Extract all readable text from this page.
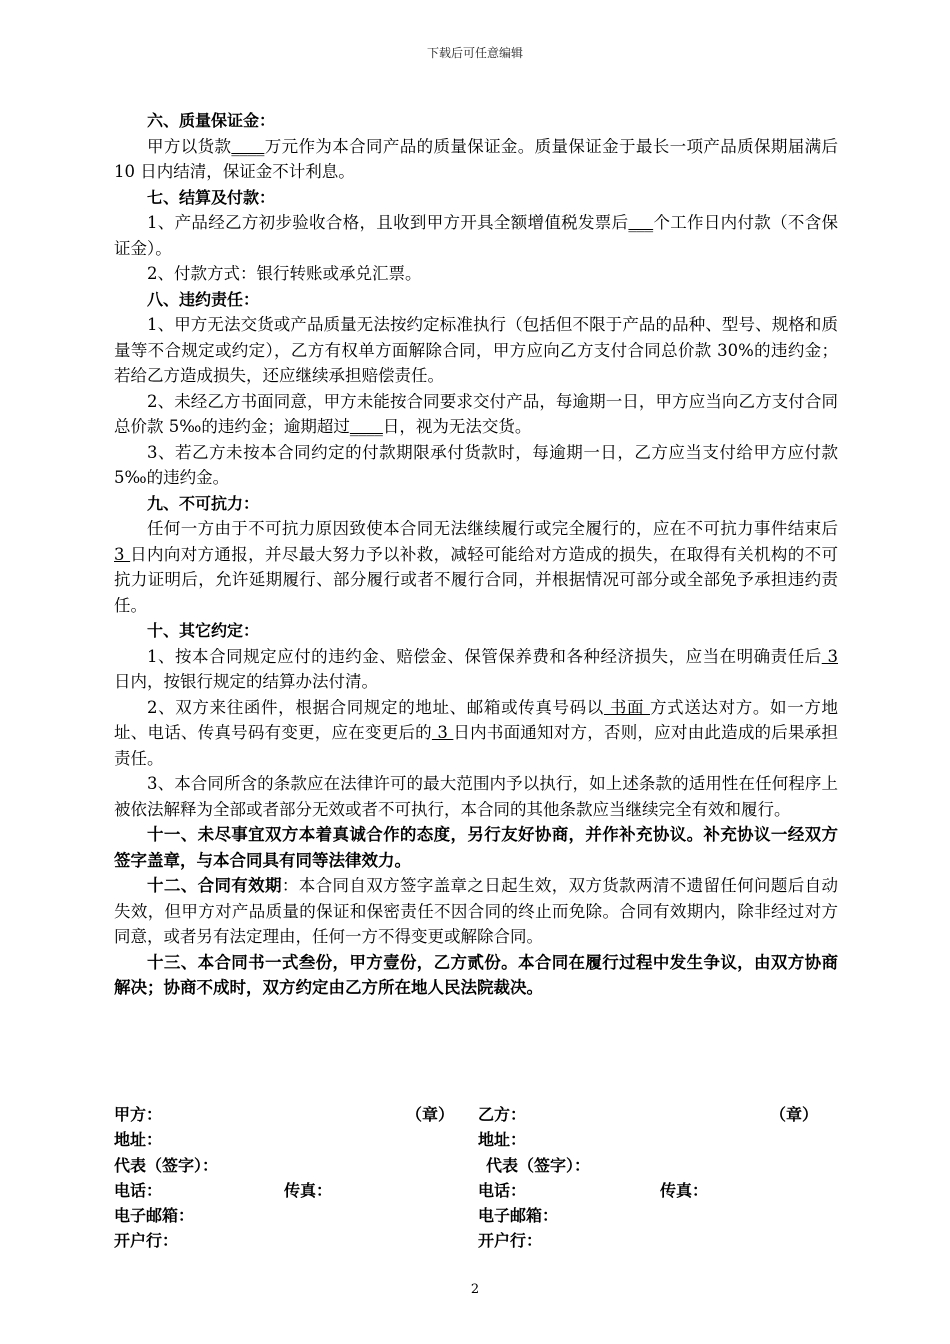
下载后可任意编辑

六、质量保证金：

甲方以货款____万元作为本合同产品的质量保证金。质量保证金于最长一项产品质保期届满后 10 日内结清，保证金不计利息。

七、结算及付款：

1、产品经乙方初步验收合格，且收到甲方开具全额增值税发票后___个工作日内付款（不含保证金）。

2、付款方式：银行转账或承兑汇票。

八、违约责任：

1、甲方无法交货或产品质量无法按约定标准执行（包括但不限于产品的品种、型号、规格和质量等不合规定或约定），乙方有权单方面解除合同，甲方应向乙方支付合同总价款 30%的违约金；若给乙方造成损失，还应继续承担赔偿责任。

2、未经乙方书面同意，甲方未能按合同要求交付产品，每逾期一日，甲方应当向乙方支付合同总价款 5‰的违约金；逾期超过____日，视为无法交货。

3、若乙方未按本合同约定的付款期限承付货款时，每逾期一日，乙方应当支付给甲方应付款 5‰的违约金。

九、不可抗力：

任何一方由于不可抗力原因致使本合同无法继续履行或完全履行的，应在不可抗力事件结束后 3 日内向对方通报，并尽最大努力予以补救，减轻可能给对方造成的损失，在取得有关机构的不可抗力证明后，允许延期履行、部分履行或者不履行合同，并根据情况可部分或全部免予承担违约责任。

十、其它约定：

1、按本合同规定应付的违约金、赔偿金、保管保养费和各种经济损失，应当在明确责任后 3 日内，按银行规定的结算办法付清。

2、双方来往函件，根据合同规定的地址、邮箱或传真号码以 书面 方式送达对方。如一方地址、电话、传真号码有变更，应在变更后的 3 日内书面通知对方，否则，应对由此造成的后果承担责任。

3、本合同所含的条款应在法律许可的最大范围内予以执行，如上述条款的适用性在任何程序上被依法解释为全部或者部分无效或者不可执行，本合同的其他条款应当继续完全有效和履行。

十一、未尽事宜双方本着真诚合作的态度，另行友好协商，并作补充协议。补充协议一经双方签字盖章，与本合同具有同等法律效力。

十二、合同有效期：本合同自双方签字盖章之日起生效，双方货款两清不遗留任何问题后自动失效，但甲方对产品质量的保证和保密责任不因合同的终止而免除。合同有效期内，除非经过对方同意，或者另有法定理由，任何一方不得变更或解除合同。

十三、本合同书一式叁份，甲方壹份，乙方贰份。本合同在履行过程中发生争议，由双方协商解决；协商不成时，双方约定由乙方所在地人民法院裁决。

甲方：	（章）
地址：
代表（签字）：
电话：	传真：
电子邮箱：
开户行：
乙方：	（章）
地址：
代表（签字）：
电话：	传真：
电子邮箱：
开户行：
2
